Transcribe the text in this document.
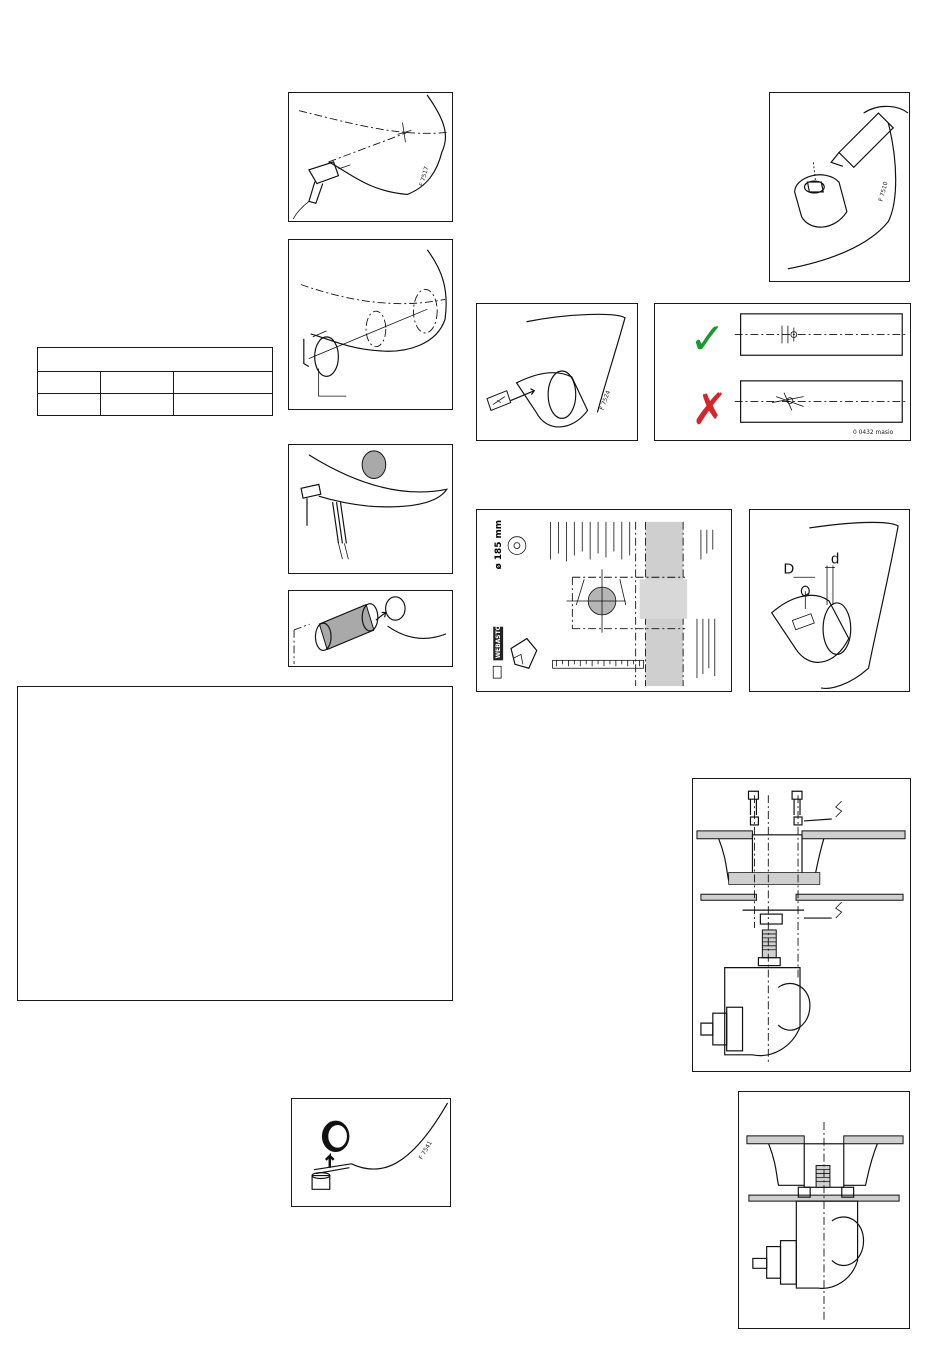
F 7517

F 7541
F 7510
F 7524
✓
✗	0 0432 masio
ø 185 mm
WEBASTO
D
d
